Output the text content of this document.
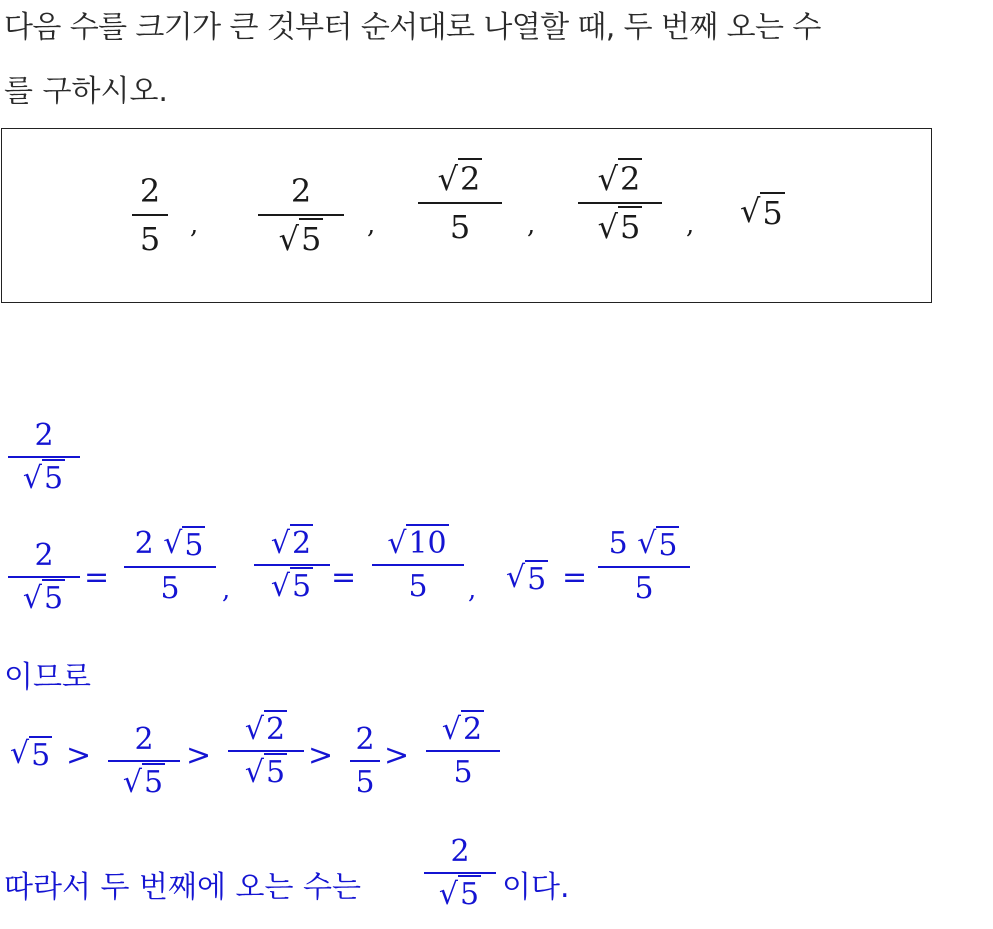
다음 수를 크기가 큰 것부터 순서대로 나열할 때, 두 번째 오는 수
를 구하시오.
2
5 ,
2
√5 ,
√2
5 ,
√2
√5 , √ 5
2
√5
2
√5
=
2 √ 5
5 ,
√2
√5 =
√10
5 , √ 5 =
5 √ 5
5
이므로
√ 5 > 2
√5
>
√2
√5 > 2
5
>
√2
5
따라서 두 번째에 오는 수는
2
√5 이다.
